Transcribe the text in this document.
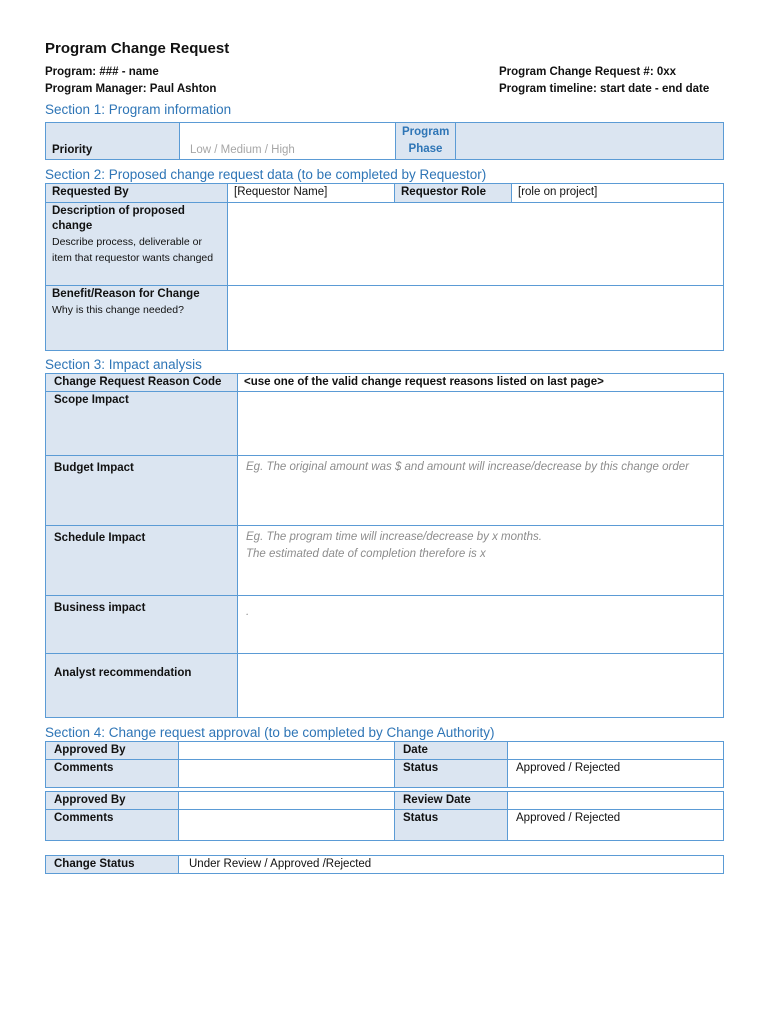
Program Change Request
Program: ### - name
Program Manager: Paul Ashton
Program Change Request #: 0xx
Program timeline: start date - end date
Section 1: Program information
Priority	Low / Medium / High	Program
Phase	
Section 2: Proposed change request data (to be completed by Requestor)
Requested By	[Requestor Name]	Requestor Role	[role on project]
Description of proposed change
Describe process, deliverable or item that requestor wants changed			

Benefit/Reason for Change
Why is this change needed?			

Section 3: Impact analysis
Change Request Reason Code	<use one of the valid change request reasons listed on last page>
Scope Impact	
Budget Impact	Eg. The original amount was $ and amount will increase/decrease by this change order
Schedule Impact	Eg. The program time will increase/decrease by x months.
The estimated date of completion therefore is x
Business impact	.
Analyst recommendation	
Section 4: Change request approval (to be completed by Change Authority)
Approved By		Date	
Comments		Status	Approved / Rejected
Approved By		Review Date	
Comments		Status	Approved / Rejected
Change Status	Under Review / Approved /Rejected
